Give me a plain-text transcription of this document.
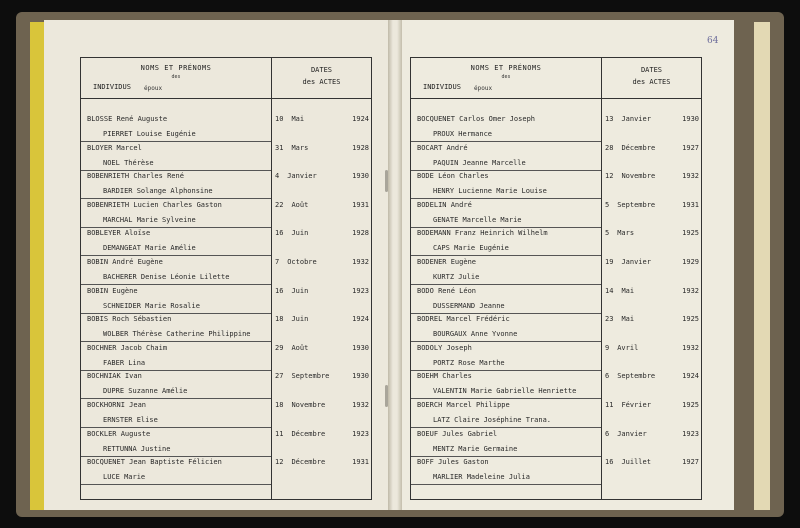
64
NOMS ET PRÉNOMS
des
INDIVIDUS époux
DATES
des ACTES
BLOSSE René Auguste
PIERRET Louise Eugénie
10	Mai	1924
BLOYER Marcel
NOEL Thérèse
31	Mars	1928
BOBENRIETH Charles René
BARDIER Solange Alphonsine
4	Janvier	1930
BOBENRIETH Lucien Charles Gaston
MARCHAL Marie Sylveine
22	Août	1931
BOBLEYER Aloïse
DEMANGEAT Marie Amélie
16	Juin	1928
BOBIN André Eugène
BACHERER Denise Léonie Lilette
7	Octobre	1932
BOBIN Eugène
SCHNEIDER Marie Rosalie
16	Juin	1923
BOBIS Roch Sébastien
WOLBER Thérèse Catherine Philippine
18	Juin	1924
BOCHNER Jacob Chaim
FABER Lina
29	Août	1930
BOCHNIAK Ivan
DUPRE Suzanne Amélie
27	Septembre	1930
BOCKHORNI Jean
ERNSTER Elise
18	Novembre	1932
BOCKLER Auguste
RETTUNNA Justine
11	Décembre	1923
BOCQUENET Jean Baptiste Félicien
LUCE Marie
12	Décembre	1931
NOMS ET PRÉNOMS
des
INDIVIDUS époux
DATES
des ACTES
BOCQUENET Carlos Omer Joseph
PROUX Hermance
13	Janvier	1930
BOCART André
PAQUIN Jeanne Marcelle
28	Décembre	1927
BODE Léon Charles
HENRY Lucienne Marie Louise
12	Novembre	1932
BODELIN André
GENATE Marcelle Marie
5	Septembre	1931
BODEMANN Franz Heinrich Wilhelm
CAPS Marie Eugénie
5	Mars	1925
BODENER Eugène
KURTZ Julie
19	Janvier	1929
BODO René Léon
DUSSERMAND Jeanne
14	Mai	1932
BODREL Marcel Frédéric
BOURGAUX Anne Yvonne
23	Mai	1925
BODOLY Joseph
PORTZ Rose Marthe
9	Avril	1932
BOEHM Charles
VALENTIN Marie Gabrielle Henriette
6	Septembre	1924
BOERCH Marcel Philippe
LATZ Claire Joséphine Trana.
11	Février	1925
BOEUF Jules Gabriel
MENTZ Marie Germaine
6	Janvier	1923
BOFF Jules Gaston
MARLIER Madeleine Julia
16	Juillet	1927
